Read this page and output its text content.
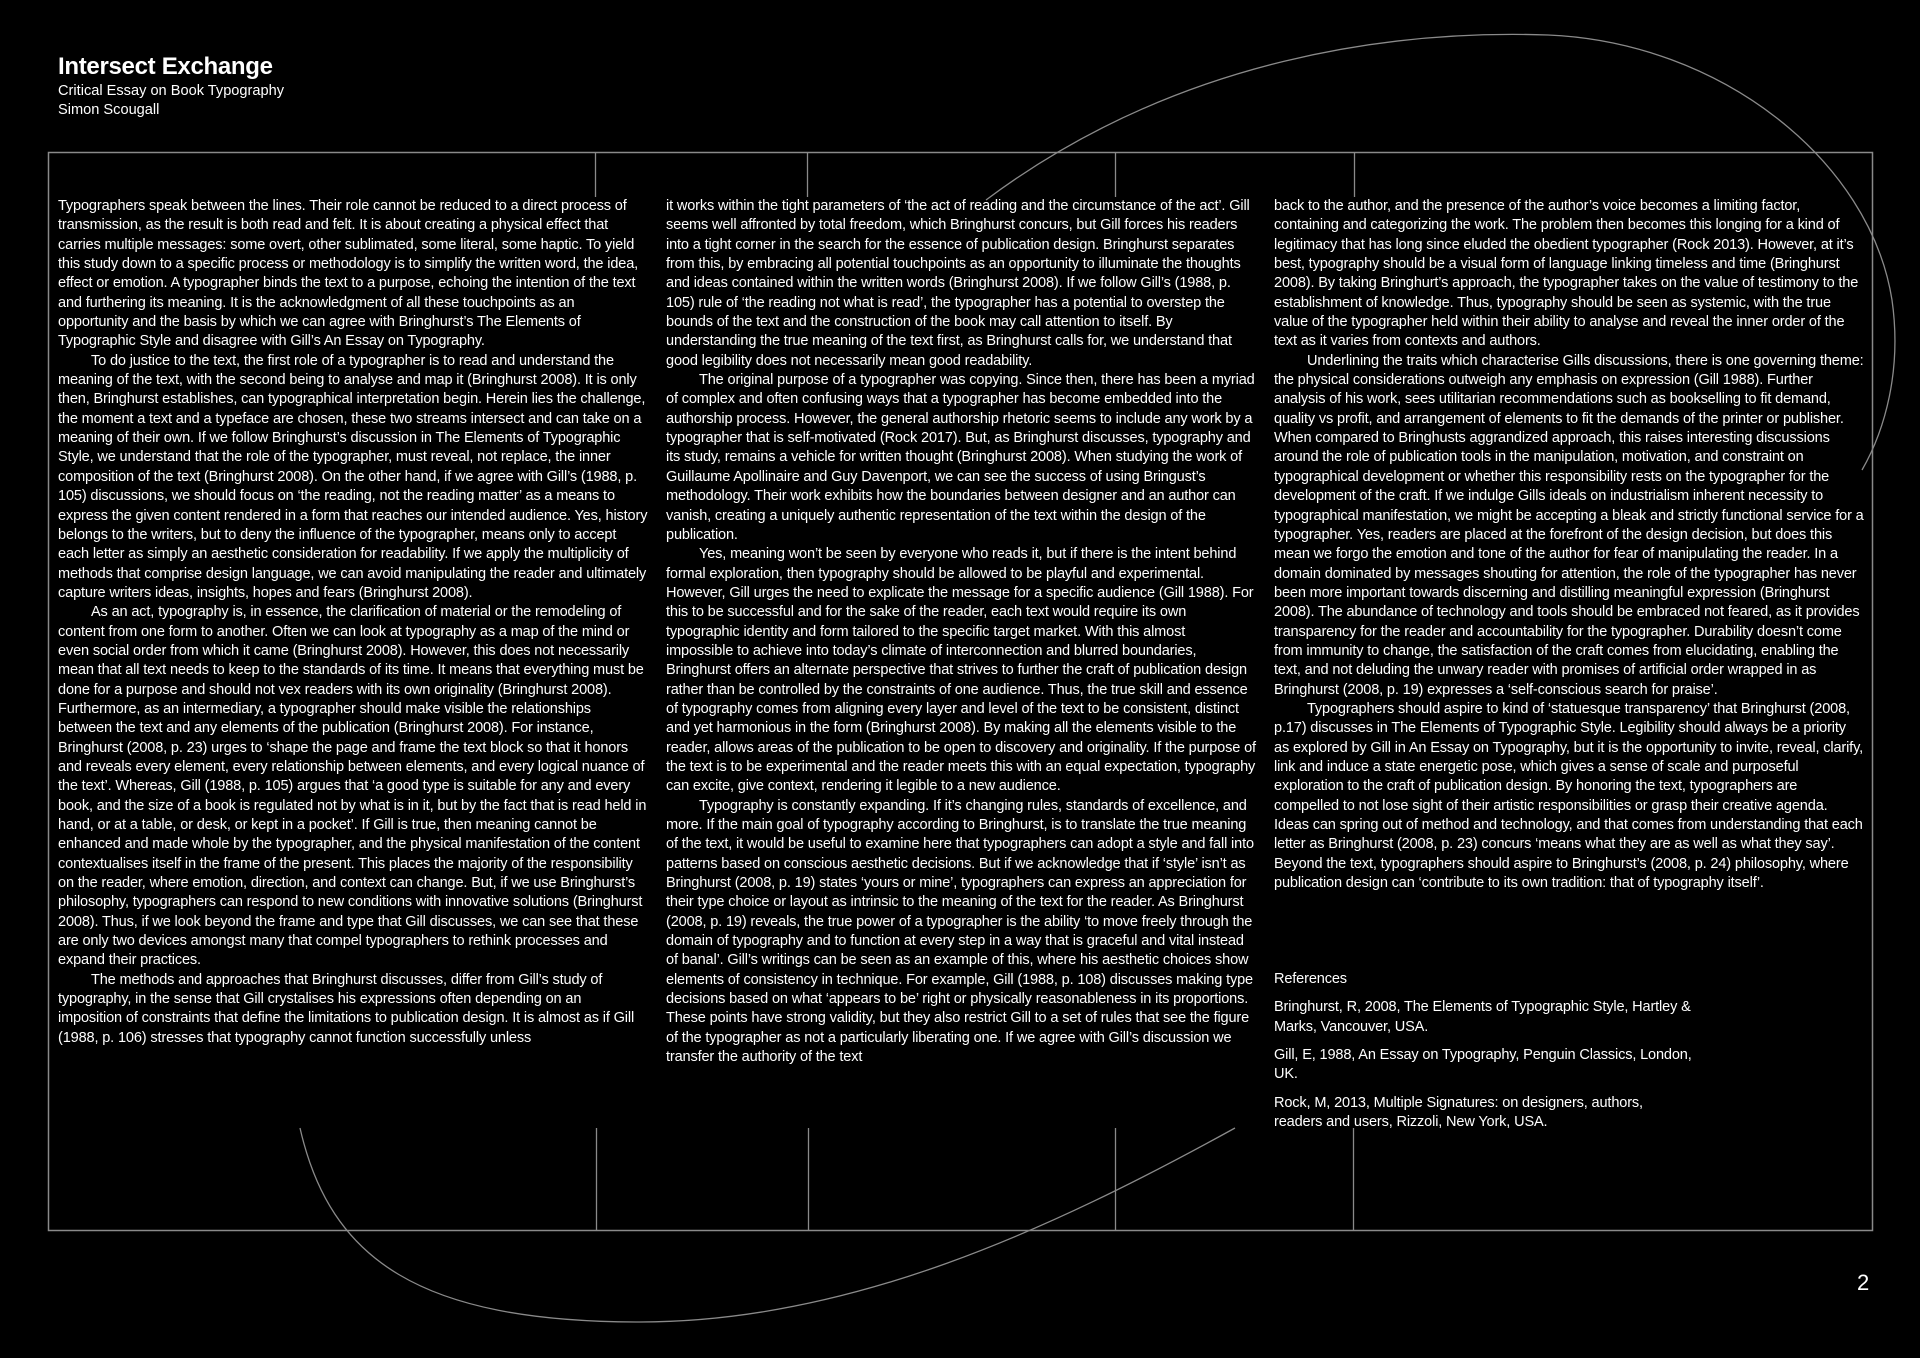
Intersect Exchange
Critical Essay on Book Typography
Simon Scougall

Typographers speak between the lines. Their role cannot be reduced to a direct process of transmission, as the result is both read and felt. It is about creating a physical effect that carries multiple messages: some overt, other sublimated, some literal, some haptic. To yield this study down to a specific process or methodology is to simplify the written word, the idea, effect or emotion. A typographer binds the text to a purpose, echoing the intention of the text and furthering its meaning. It is the acknowledgment of all these touchpoints as an opportunity and the basis by which we can agree with Bringhurst’s The Elements of Typographic Style and disagree with Gill’s An Essay on Typography.

To do justice to the text, the first role of a typographer is to read and understand the meaning of the text, with the second being to analyse and map it (Bringhurst 2008). It is only then, Bringhurst establishes, can typographical interpretation begin. Herein lies the challenge, the moment a text and a typeface are chosen, these two streams intersect and can take on a meaning of their own. If we follow Bringhurst’s discussion in The Elements of Typographic Style, we understand that the role of the typographer, must reveal, not replace, the inner composition of the text (Bringhurst 2008). On the other hand, if we agree with Gill’s (1988, p. 105) discussions, we should focus on ‘the reading, not the reading matter’ as a means to express the given content rendered in a form that reaches our intended audience. Yes, history belongs to the writers, but to deny the influence of the typographer, means only to accept each letter as simply an aesthetic consideration for readability. If we apply the multiplicity of methods that comprise design language, we can avoid manipulating the reader and ultimately capture writers ideas, insights, hopes and fears (Bringhurst 2008).

As an act, typography is, in essence, the clarification of material or the remodeling of content from one form to another. Often we can look at typography as a map of the mind or even social order from which it came (Bringhurst 2008). However, this does not necessarily mean that all text needs to keep to the standards of its time. It means that everything must be done for a purpose and should not vex readers with its own originality (Bringhurst 2008). Furthermore, as an intermediary, a typographer should make visible the relationships between the text and any elements of the publication (Bringhurst 2008). For instance, Bringhurst (2008, p. 23) urges to ‘shape the page and frame the text block so that it honors and reveals every element, every relationship between elements, and every logical nuance of the text’. Whereas, Gill (1988, p. 105) argues that ‘a good type is suitable for any and every book, and the size of a book is regulated not by what is in it, but by the fact that is read held in hand, or at a table, or desk, or kept in a pocket’. If Gill is true, then meaning cannot be enhanced and made whole by the typographer, and the physical manifestation of the content contextualises itself in the frame of the present. This places the majority of the responsibility on the reader, where emotion, direction, and context can change. But, if we use Bringhurst’s philosophy, typographers can respond to new conditions with innovative solutions (Bringhurst 2008). Thus, if we look beyond the frame and type that Gill discusses, we can see that these are only two devices amongst many that compel typographers to rethink processes and expand their practices.

The methods and approaches that Bringhurst discusses, differ from Gill’s study of typography, in the sense that Gill crystalises his expressions often depending on an imposition of constraints that define the limitations to publication design. It is almost as if Gill (1988, p. 106) stresses that typography cannot function successfully unless

it works within the tight parameters of ‘the act of reading and the circumstance of the act’. Gill seems well affronted by total freedom, which Bringhurst concurs, but Gill forces his readers into a tight corner in the search for the essence of publication design. Bringhurst separates from this, by embracing all potential touchpoints as an opportunity to illuminate the thoughts and ideas contained within the written words (Bringhurst 2008). If we follow Gill’s (1988, p. 105) rule of ‘the reading not what is read’, the typographer has a potential to overstep the bounds of the text and the construction of the book may call attention to itself. By understanding the true meaning of the text first, as Bringhurst calls for, we understand that good legibility does not necessarily mean good readability.

The original purpose of a typographer was copying. Since then, there has been a myriad of complex and often confusing ways that a typographer has become embedded into the authorship process. However, the general authorship rhetoric seems to include any work by a typographer that is self-motivated (Rock 2017). But, as Bringhurst discusses, typography and its study, remains a vehicle for written thought (Bringhurst 2008). When studying the work of Guillaume Apollinaire and Guy Davenport, we can see the success of using Bringust’s methodology. Their work exhibits how the boundaries between designer and an author can vanish, creating a uniquely authentic representation of the text within the design of the publication.

Yes, meaning won’t be seen by everyone who reads it, but if there is the intent behind formal exploration, then typography should be allowed to be playful and experimental. However, Gill urges the need to explicate the message for a specific audience (Gill 1988). For this to be successful and for the sake of the reader, each text would require its own typographic identity and form tailored to the specific target market. With this almost impossible to achieve into today’s climate of interconnection and blurred boundaries, Bringhurst offers an alternate perspective that strives to further the craft of publication design rather than be controlled by the constraints of one audience. Thus, the true skill and essence of typography comes from aligning every layer and level of the text to be consistent, distinct and yet harmonious in the form (Bringhurst 2008). By making all the elements visible to the reader, allows areas of the publication to be open to discovery and originality. If the purpose of the text is to be experimental and the reader meets this with an equal expectation, typography can excite, give context, rendering it legible to a new audience.

Typography is constantly expanding. If it’s changing rules, standards of excellence, and more. If the main goal of typography according to Bringhurst, is to translate the true meaning of the text, it would be useful to examine here that typographers can adopt a style and fall into patterns based on conscious aesthetic decisions. But if we acknowledge that if ‘style’ isn’t as Bringhurst (2008, p. 19) states ‘yours or mine’, typographers can express an appreciation for their type choice or layout as intrinsic to the meaning of the text for the reader. As Bringhurst (2008, p. 19) reveals, the true power of a typographer is the ability ‘to move freely through the domain of typography and to function at every step in a way that is graceful and vital instead of banal’. Gill’s writings can be seen as an example of this, where his aesthetic choices show elements of consistency in technique. For example, Gill (1988, p. 108) discusses making type decisions based on what ‘appears to be’ right or physically reasonableness in its proportions. These points have strong validity, but they also restrict Gill to a set of rules that see the figure of the typographer as not a particularly liberating one. If we agree with Gill’s discussion we transfer the authority of the text

back to the author, and the presence of the author’s voice becomes a limiting factor, containing and categorizing the work. The problem then becomes this longing for a kind of legitimacy that has long since eluded the obedient typographer (Rock 2013). However, at it’s best, typography should be a visual form of language linking timeless and time (Bringhurst 2008). By taking Bringhurt’s approach, the typographer takes on the value of testimony to the establishment of knowledge. Thus, typography should be seen as systemic, with the true value of the typographer held within their ability to analyse and reveal the inner order of the text as it varies from contexts and authors.

Underlining the traits which characterise Gills discussions, there is one governing theme: the physical considerations outweigh any emphasis on expression (Gill 1988). Further analysis of his work, sees utilitarian recommendations such as bookselling to fit demand, quality vs profit, and arrangement of elements to fit the demands of the printer or publisher. When compared to Bringhusts aggrandized approach, this raises interesting discussions around the role of publication tools in the manipulation, motivation, and constraint on typographical development or whether this responsibility rests on the typographer for the development of the craft. If we indulge Gills ideals on industrialism inherent necessity to typographical manifestation, we might be accepting a bleak and strictly functional service for a typographer. Yes, readers are placed at the forefront of the design decision, but does this mean we forgo the emotion and tone of the author for fear of manipulating the reader. In a domain dominated by messages shouting for attention, the role of the typographer has never been more important towards discerning and distilling meaningful expression (Bringhurst 2008). The abundance of technology and tools should be embraced not feared, as it provides transparency for the reader and accountability for the typographer. Durability doesn’t come from immunity to change, the satisfaction of the craft comes from elucidating, enabling the text, and not deluding the unwary reader with promises of artificial order wrapped in as Bringhurst (2008, p. 19) expresses a ‘self-conscious search for praise’.

Typographers should aspire to kind of ‘statuesque transparency’ that Bringhurst (2008, p.17) discusses in The Elements of Typographic Style. Legibility should always be a priority as explored by Gill in An Essay on Typography, but it is the opportunity to invite, reveal, clarify, link and induce a state energetic pose, which gives a sense of scale and purposeful exploration to the craft of publication design. By honoring the text, typographers are compelled to not lose sight of their artistic responsibilities or grasp their creative agenda. Ideas can spring out of method and technology, and that comes from understanding that each letter as Bringhurst (2008, p. 23) concurs ‘means what they are as well as what they say’. Beyond the text, typographers should aspire to Bringhurst’s (2008, p. 24) philosophy, where publication design can ‘contribute to its own tradition: that of typography itself’.

References

Bringhurst, R, 2008, The Elements of Typographic Style, Hartley & Marks, Vancouver, USA.

Gill, E, 1988, An Essay on Typography, Penguin Classics, London, UK.

Rock, M, 2013, Multiple Signatures: on designers, authors, readers and users, Rizzoli, New York, USA.

2
